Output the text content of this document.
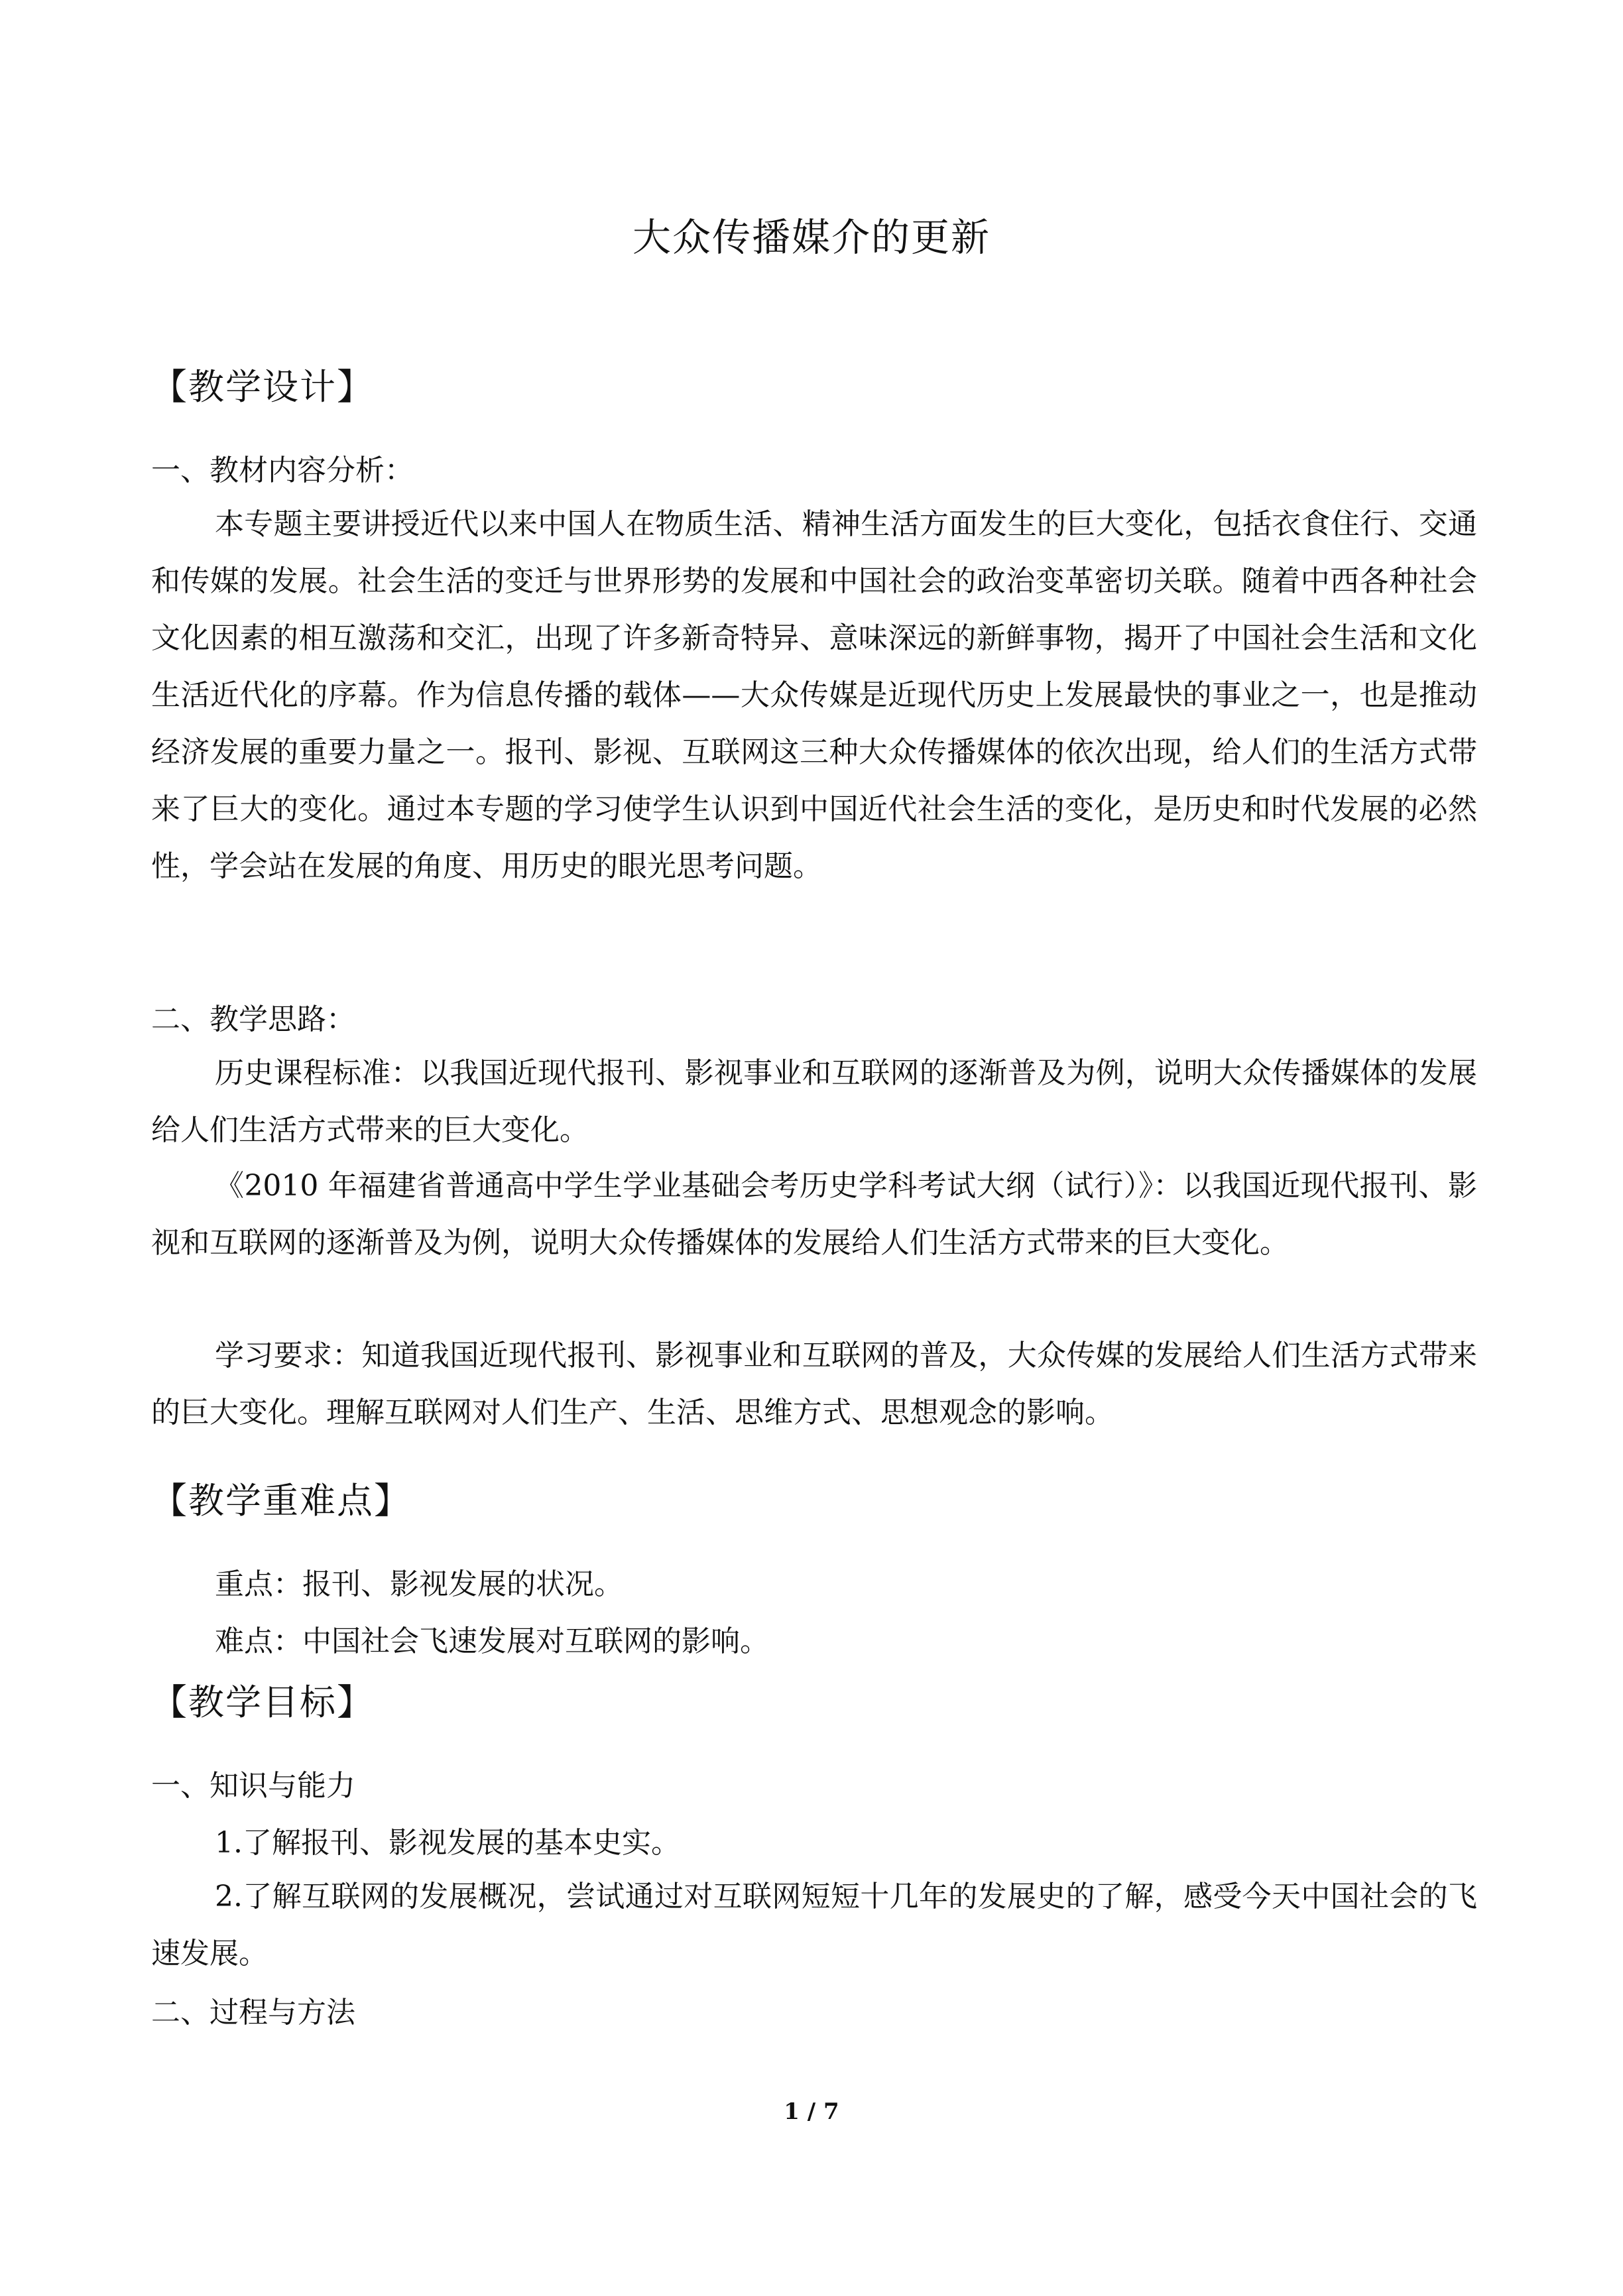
大众传播媒介的更新
【教学设计】
一、教材内容分析：

本专题主要讲授近代以来中国人在物质生活、精神生活方面发生的巨大变化，包括衣食住行、交通和传媒的发展。社会生活的变迁与世界形势的发展和中国社会的政治变革密切关联。随着中西各种社会文化因素的相互激荡和交汇，出现了许多新奇特异、意味深远的新鲜事物，揭开了中国社会生活和文化生活近代化的序幕。作为信息传播的载体——大众传媒是近现代历史上发展最快的事业之一，也是推动经济发展的重要力量之一。报刊、影视、互联网这三种大众传播媒体的依次出现，给人们的生活方式带来了巨大的变化。通过本专题的学习使学生认识到中国近代社会生活的变化，是历史和时代发展的必然性，学会站在发展的角度、用历史的眼光思考问题。

二、教学思路：

历史课程标准：以我国近现代报刊、影视事业和互联网的逐渐普及为例，说明大众传播媒体的发展给人们生活方式带来的巨大变化。

《2010 年福建省普通高中学生学业基础会考历史学科考试大纲（试行）》：以我国近现代报刊、影视和互联网的逐渐普及为例，说明大众传播媒体的发展给人们生活方式带来的巨大变化。

学习要求：知道我国近现代报刊、影视事业和互联网的普及，大众传媒的发展给人们生活方式带来的巨大变化。理解互联网对人们生产、生活、思维方式、思想观念的影响。

【教学重难点】
重点：报刊、影视发展的状况。
难点：中国社会飞速发展对互联网的影响。
【教学目标】
一、知识与能力
1.了解报刊、影视发展的基本史实。

2.了解互联网的发展概况，尝试通过对互联网短短十几年的发展史的了解，感受今天中国社会的飞速发展。

二、过程与方法
1 / 7
